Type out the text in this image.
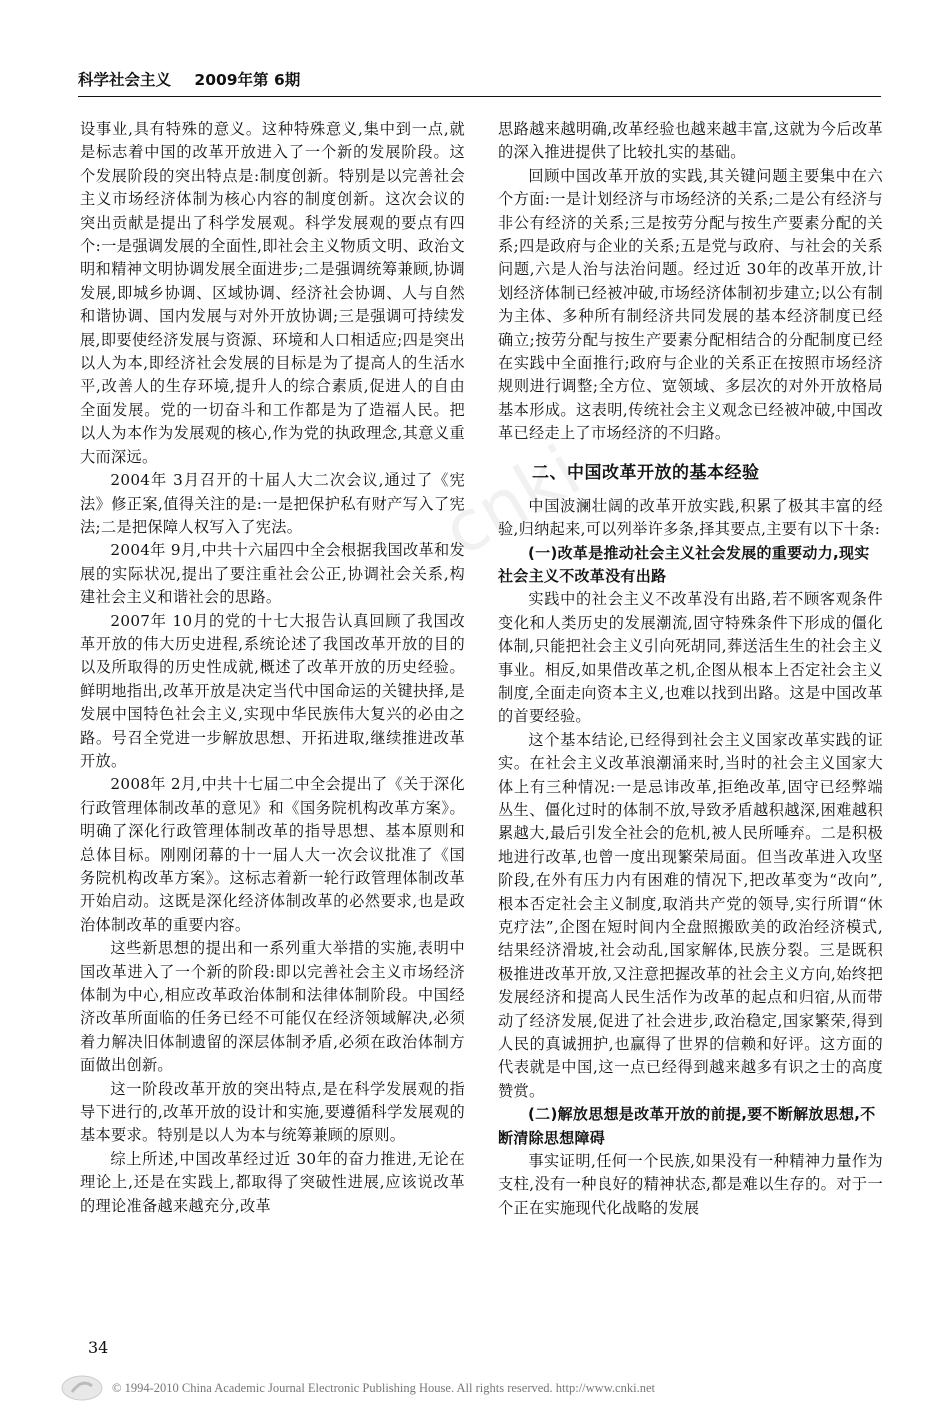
科学社会主义 2009年第 6期

设事业,具有特殊的意义。这种特殊意义,集中到一点,就是标志着中国的改革开放进入了一个新的发展阶段。这个发展阶段的突出特点是:制度创新。特别是以完善社会主义市场经济体制为核心内容的制度创新。这次会议的突出贡献是提出了科学发展观。科学发展观的要点有四个:一是强调发展的全面性,即社会主义物质文明、政治文明和精神文明协调发展全面进步;二是强调统筹兼顾,协调发展,即城乡协调、区域协调、经济社会协调、人与自然和谐协调、国内发展与对外开放协调;三是强调可持续发展,即要使经济发展与资源、环境和人口相适应;四是突出以人为本,即经济社会发展的目标是为了提高人的生活水平,改善人的生存环境,提升人的综合素质,促进人的自由全面发展。党的一切奋斗和工作都是为了造福人民。把以人为本作为发展观的核心,作为党的执政理念,其意义重大而深远。

2004年 3月召开的十届人大二次会议,通过了《宪法》修正案,值得关注的是:一是把保护私有财产写入了宪法;二是把保障人权写入了宪法。

2004年 9月,中共十六届四中全会根据我国改革和发展的实际状况,提出了要注重社会公正,协调社会关系,构建社会主义和谐社会的思路。

2007年 10月的党的十七大报告认真回顾了我国改革开放的伟大历史进程,系统论述了我国改革开放的目的以及所取得的历史性成就,概述了改革开放的历史经验。鲜明地指出,改革开放是决定当代中国命运的关键抉择,是发展中国特色社会主义,实现中华民族伟大复兴的必由之路。号召全党进一步解放思想、开拓进取,继续推进改革开放。

2008年 2月,中共十七届二中全会提出了《关于深化行政管理体制改革的意见》和《国务院机构改革方案》。明确了深化行政管理体制改革的指导思想、基本原则和总体目标。刚刚闭幕的十一届人大一次会议批准了《国务院机构改革方案》。这标志着新一轮行政管理体制改革开始启动。这既是深化经济体制改革的必然要求,也是政治体制改革的重要内容。

这些新思想的提出和一系列重大举措的实施,表明中国改革进入了一个新的阶段:即以完善社会主义市场经济体制为中心,相应改革政治体制和法律体制阶段。中国经济改革所面临的任务已经不可能仅在经济领域解决,必须着力解决旧体制遗留的深层体制矛盾,必须在政治体制方面做出创新。

这一阶段改革开放的突出特点,是在科学发展观的指导下进行的,改革开放的设计和实施,要遵循科学发展观的基本要求。特别是以人为本与统筹兼顾的原则。

综上所述,中国改革经过近 30年的奋力推进,无论在理论上,还是在实践上,都取得了突破性进展,应该说改革的理论准备越来越充分,改革

思路越来越明确,改革经验也越来越丰富,这就为今后改革的深入推进提供了比较扎实的基础。

回顾中国改革开放的实践,其关键问题主要集中在六个方面:一是计划经济与市场经济的关系;二是公有经济与非公有经济的关系;三是按劳分配与按生产要素分配的关系;四是政府与企业的关系;五是党与政府、与社会的关系问题,六是人治与法治问题。经过近 30年的改革开放,计划经济体制已经被冲破,市场经济体制初步建立;以公有制为主体、多种所有制经济共同发展的基本经济制度已经确立;按劳分配与按生产要素分配相结合的分配制度已经在实践中全面推行;政府与企业的关系正在按照市场经济规则进行调整;全方位、宽领域、多层次的对外开放格局基本形成。这表明,传统社会主义观念已经被冲破,中国改革已经走上了市场经济的不归路。

二、中国改革开放的基本经验

中国波澜壮阔的改革开放实践,积累了极其丰富的经验,归纳起来,可以列举许多条,择其要点,主要有以下十条:

(一)改革是推动社会主义社会发展的重要动力,现实社会主义不改革没有出路

实践中的社会主义不改革没有出路,若不顾客观条件变化和人类历史的发展潮流,固守特殊条件下形成的僵化体制,只能把社会主义引向死胡同,葬送活生生的社会主义事业。相反,如果借改革之机,企图从根本上否定社会主义制度,全面走向资本主义,也难以找到出路。这是中国改革的首要经验。

这个基本结论,已经得到社会主义国家改革实践的证实。在社会主义改革浪潮涌来时,当时的社会主义国家大体上有三种情况:一是忌讳改革,拒绝改革,固守已经弊端丛生、僵化过时的体制不放,导致矛盾越积越深,困难越积累越大,最后引发全社会的危机,被人民所唾弃。二是积极地进行改革,也曾一度出现繁荣局面。但当改革进入攻坚阶段,在外有压力内有困难的情况下,把改革变为“改向”,根本否定社会主义制度,取消共产党的领导,实行所谓“休克疗法”,企图在短时间内全盘照搬欧美的政治经济模式,结果经济滑坡,社会动乱,国家解体,民族分裂。三是既积极推进改革开放,又注意把握改革的社会主义方向,始终把发展经济和提高人民生活作为改革的起点和归宿,从而带动了经济发展,促进了社会进步,政治稳定,国家繁荣,得到人民的真诚拥护,也赢得了世界的信赖和好评。这方面的代表就是中国,这一点已经得到越来越多有识之士的高度赞赏。

(二)解放思想是改革开放的前提,要不断解放思想,不断清除思想障碍

事实证明,任何一个民族,如果没有一种精神力量作为支柱,没有一种良好的精神状态,都是难以生存的。对于一个正在实施现代化战略的发展

cnki
34
© 1994-2010 China Academic Journal Electronic Publishing House. All rights reserved. http://www.cnki.net
